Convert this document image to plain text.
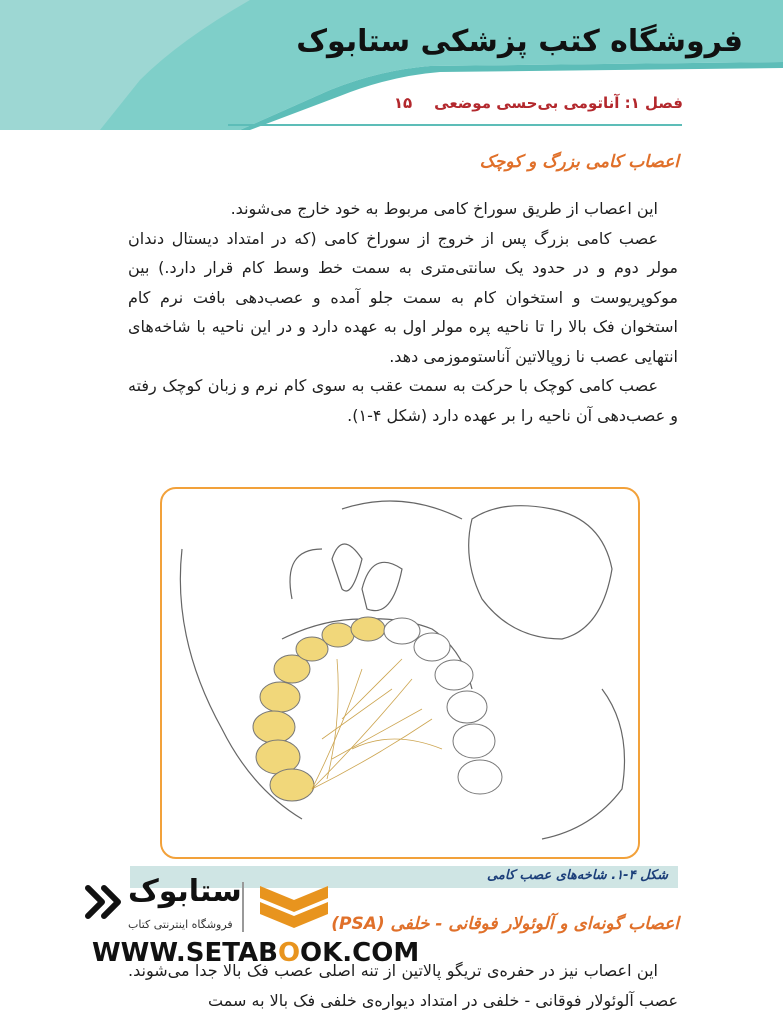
فروشگاه کتب پزشکی ستابوک
فصل ۱: آناتومی بی‌حسی موضعی۱۵
اعصاب کامی بزرگ و کوچک

این اعصاب از طریق سوراخ کامی مربوط به خود خارج می‌شوند.

عصب کامی بزرگ پس از خروج از سوراخ کامی (که در امتداد دیستال دندان مولر دوم و در حدود یک سانتی‌متری به سمت خط وسط کام قرار دارد.) بین موکوپریوست و استخوان کام به سمت جلو آمده و عصب‌دهی بافت نرم کام استخوان فک بالا را تا ناحیه پره مولر اول به عهده دارد و در این ناحیه با شاخه‌های انتهایی عصب نا زوپالاتین آناستوموزمی دهد.

عصب کامی کوچک با حرکت به سمت عقب به سوی کام نرم و زبان کوچک رفته و عصب‌دهی آن ناحیه را بر عهده دارد (شکل ۴-۱).

شکل ۴-۱. شاخه‌های عصب کامی
اعصاب گونه‌ای و آلوئولار فوقانی - خلفی (PSA)

این اعصاب نیز در حفره‌ی تریگو پالاتین از تنه اصلی عصب فک بالا جدا می‌شوند. عصب آلوئولار فوقانی - خلفی در امتداد دیواره‌ی خلفی فک بالا به سمت

ستابوک
فروشگاه اینترنتی کتاب
WWW.SETABOOK.COM
